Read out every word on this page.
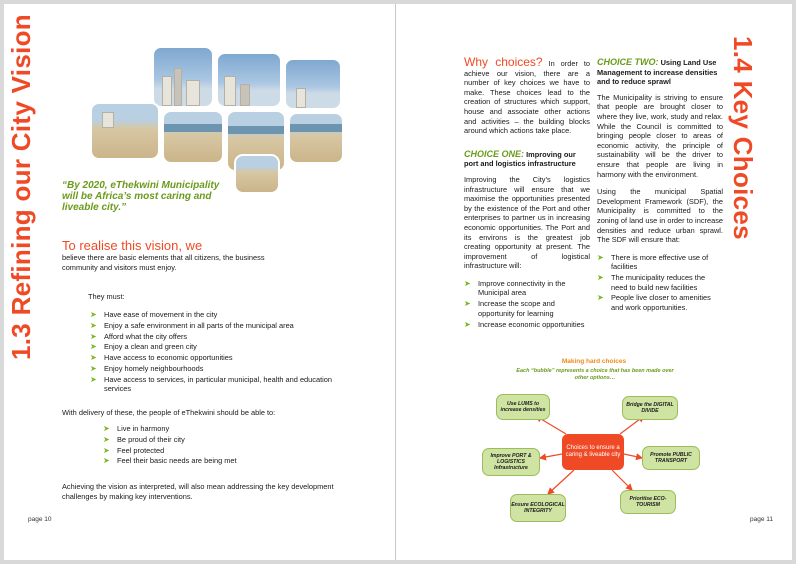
1.3 Refining our City Vision	“By 2020, eThekwini Municipality will be Africa’s most caring and liveable city.”
To realise this vision, we
believe there are basic elements that all citizens, the business community and visitors must enjoy.
They must:
➤ Have ease of movement in the city
➤ Enjoy a safe environment in all parts of the municipal area
➤ Afford what the city offers
➤ Enjoy a clean and green city
➤ Have access to economic opportunities
➤ Enjoy homely neighbourhoods
➤ Have access to services, in particular municipal, health and education services
With delivery of these, the people of eThekwini should be able to:
➤ Live in harmony
➤ Be proud of their city
➤ Feel protected
➤ Feel their basic needs are being met
Achieving the vision as interpreted, will also mean addressing the key development challenges by making key interventions.
page 10
1.4 Key Choices
Why choices? In order to achieve our vision, there are a number of key choices we have to make. These choices lead to the creation of structures which support, house and associate other actions and activities – the building blocks around which actions take place.
CHOICE ONE: Improving our port and logistics infrastructure
Improving the City’s logistics infrastructure will ensure that we maximise the opportunities presented by the existence of the Port and other enterprises to partner us in increasing economic opportunities. The Port and its environs is the greatest job creating opportunity at present. The improvement of logistical infrastructure will:
➤ Improve connectivity in the Municipal area
➤ Increase the scope and opportunity for learning
➤ Increase economic opportunities
CHOICE TWO: Using Land Use Management to increase densities and to reduce sprawl
The Municipality is striving to ensure that people are brought closer to where they live, work, study and relax. While the Council is committed to bringing people closer to areas of economic activity, the principle of sustainability will be the driver to ensure that people are living in harmony with the environment.
Using the municipal Spatial Development Framework (SDF), the Municipality is committed to the zoning of land use in order to increase densities and reduce urban sprawl. The SDF will ensure that:
➤ There is more effective use of facilities
➤ The municipality reduces the need to build new facilities
➤ People live closer to amenities and work opportunities.
Making hard choices
Each “bubble” represents a choice that has been made over other options…
Use LUMS to increase densities
Bridge the DIGITAL DIVIDE
Improve PORT & LOGISTICS Infrastructure
Promote PUBLIC TRANSPORT
Ensure ECOLOGICAL INTEGRITY
Prioritise ECO-TOURISM
Choices to ensure a caring & liveable city
page 11
